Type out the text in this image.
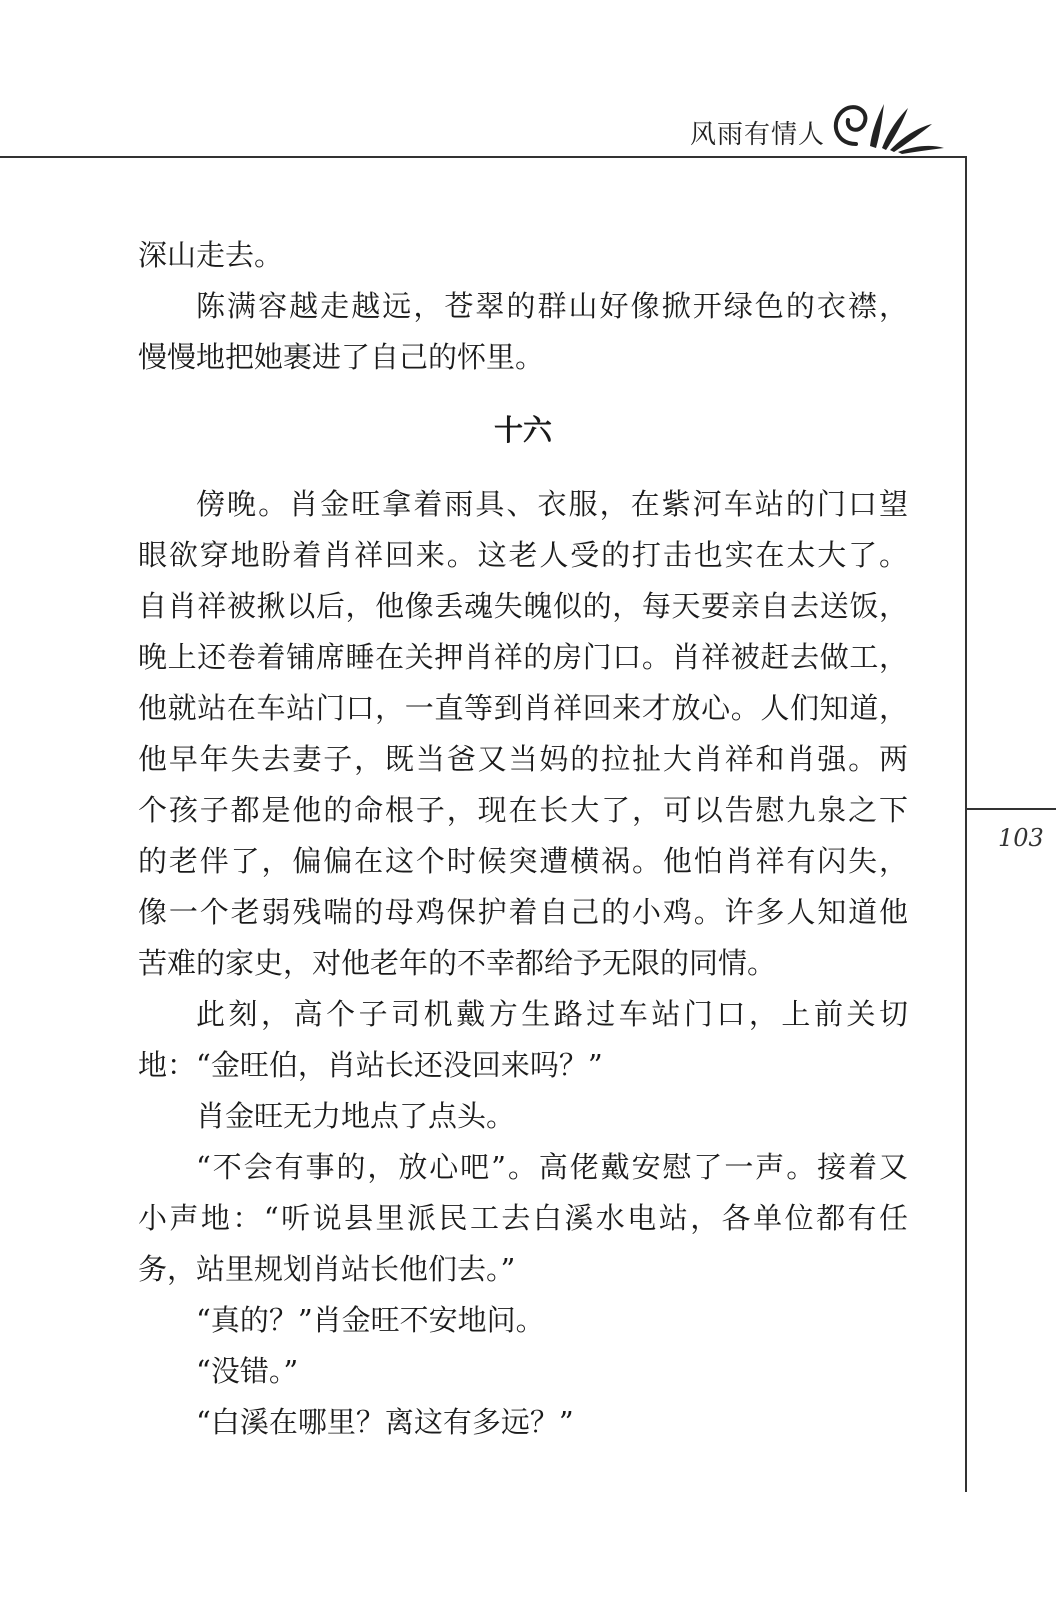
风雨有情人
103
深山走去。
陈满容越走越远，苍翠的群山好像掀开绿色的衣襟，
慢慢地把她裹进了自己的怀里。
十六
傍晚。肖金旺拿着雨具、衣服，在紫河车站的门口望
眼欲穿地盼着肖祥回来。这老人受的打击也实在太大了。
自肖祥被揪以后，他像丢魂失魄似的，每天要亲自去送饭，
晚上还卷着铺席睡在关押肖祥的房门口。肖祥被赶去做工，
他就站在车站门口，一直等到肖祥回来才放心。人们知道，
他早年失去妻子，既当爸又当妈的拉扯大肖祥和肖强。两
个孩子都是他的命根子，现在长大了，可以告慰九泉之下
的老伴了，偏偏在这个时候突遭横祸。他怕肖祥有闪失，
像一个老弱残喘的母鸡保护着自己的小鸡。许多人知道他
苦难的家史，对他老年的不幸都给予无限的同情。
此刻，高个子司机戴方生路过车站门口，上前关切
地：“金旺伯，肖站长还没回来吗？”
肖金旺无力地点了点头。
“不会有事的，放心吧”。高佬戴安慰了一声。接着又
小声地：“听说县里派民工去白溪水电站，各单位都有任
务，站里规划肖站长他们去。”
“真的？”肖金旺不安地问。
“没错。”
“白溪在哪里？离这有多远？”
